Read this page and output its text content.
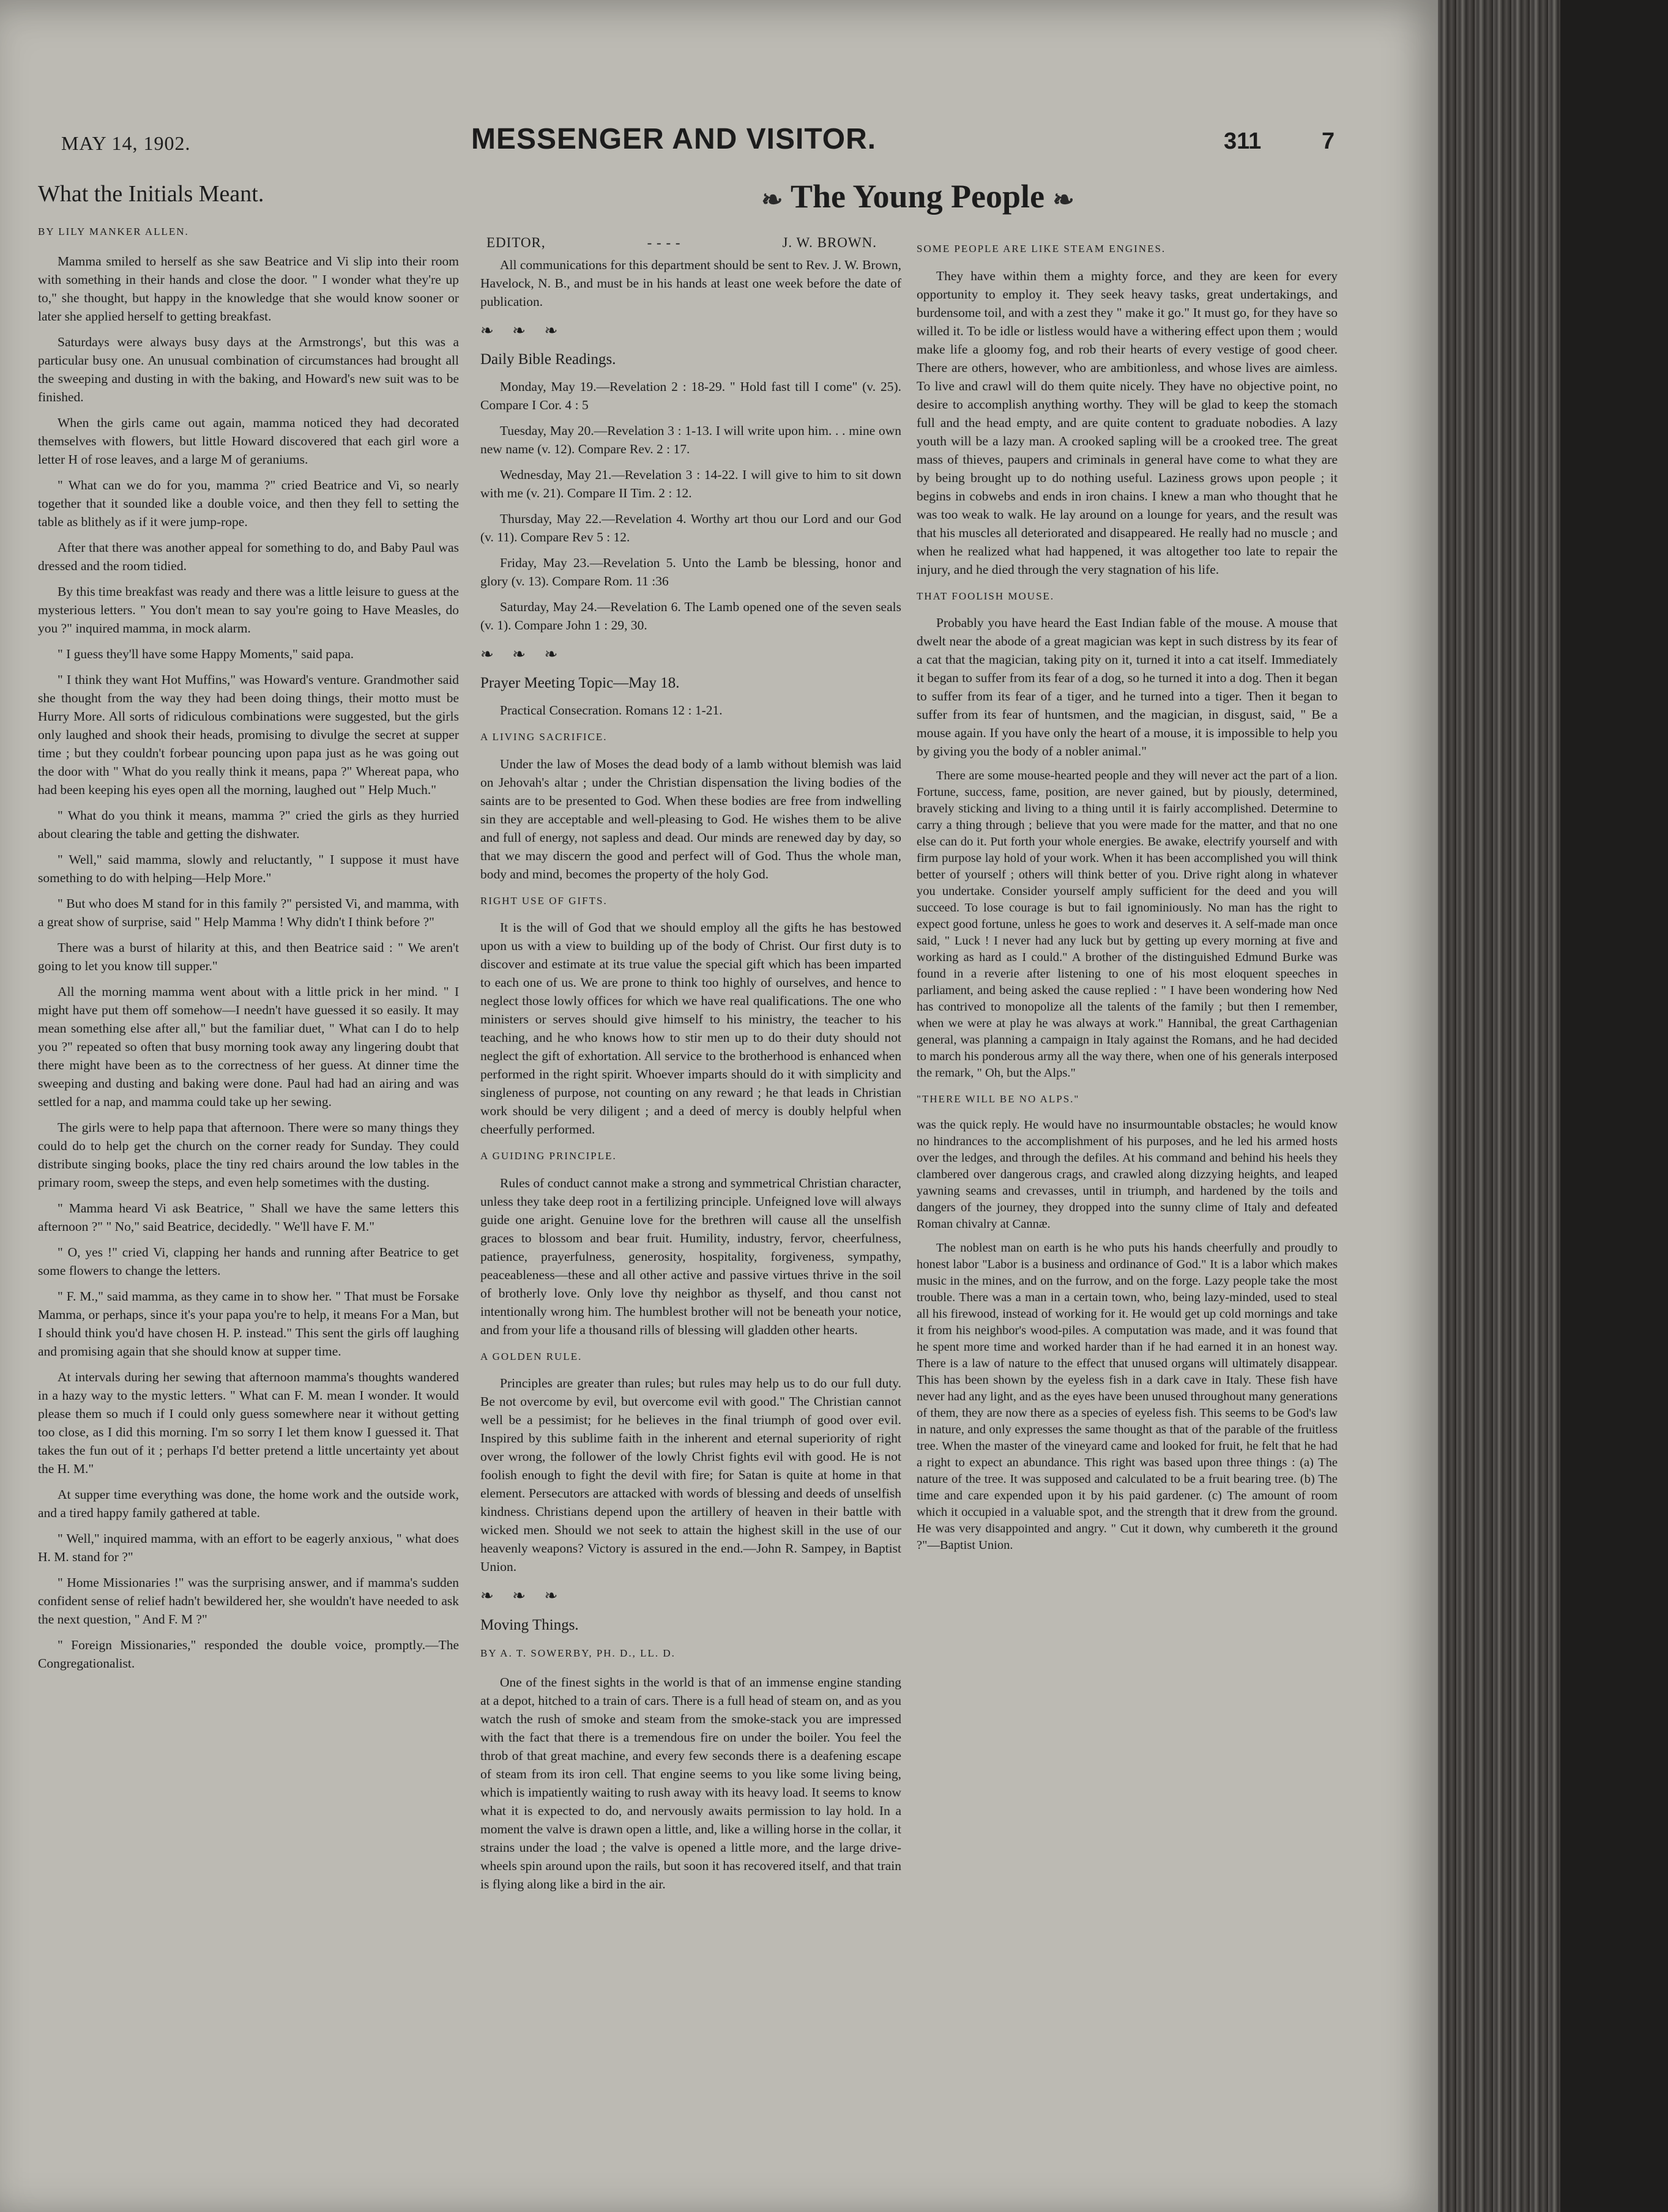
MAY 14, 1902.	MESSENGER AND VISITOR.	311	7
❧ The Young People ❧
What the Initials Meant.
BY LILY MANKER ALLEN.

Mamma smiled to herself as she saw Beatrice and Vi slip into their room with something in their hands and close the door. " I wonder what they're up to," she thought, but happy in the knowledge that she would know sooner or later she applied herself to getting breakfast.

Saturdays were always busy days at the Armstrongs', but this was a particular busy one. An unusual combination of circumstances had brought all the sweeping and dusting in with the baking, and Howard's new suit was to be finished.

When the girls came out again, mamma noticed they had decorated themselves with flowers, but little Howard discovered that each girl wore a letter H of rose leaves, and a large M of geraniums.

" What can we do for you, mamma ?" cried Beatrice and Vi, so nearly together that it sounded like a double voice, and then they fell to setting the table as blithely as if it were jump-rope.

After that there was another appeal for something to do, and Baby Paul was dressed and the room tidied.

By this time breakfast was ready and there was a little leisure to guess at the mysterious letters. " You don't mean to say you're going to Have Measles, do you ?" inquired mamma, in mock alarm.

" I guess they'll have some Happy Moments," said papa.

" I think they want Hot Muffins," was Howard's venture. Grandmother said she thought from the way they had been doing things, their motto must be Hurry More. All sorts of ridiculous combinations were suggested, but the girls only laughed and shook their heads, promising to divulge the secret at supper time ; but they couldn't forbear pouncing upon papa just as he was going out the door with " What do you really think it means, papa ?" Whereat papa, who had been keeping his eyes open all the morning, laughed out " Help Much."

" What do you think it means, mamma ?" cried the girls as they hurried about clearing the table and getting the dishwater.

" Well," said mamma, slowly and reluctantly, " I suppose it must have something to do with helping—Help More."

" But who does M stand for in this family ?" persisted Vi, and mamma, with a great show of surprise, said " Help Mamma ! Why didn't I think before ?"

There was a burst of hilarity at this, and then Beatrice said : " We aren't going to let you know till supper."

All the morning mamma went about with a little prick in her mind. " I might have put them off somehow—I needn't have guessed it so easily. It may mean something else after all," but the familiar duet, " What can I do to help you ?" repeated so often that busy morning took away any lingering doubt that there might have been as to the correctness of her guess. At dinner time the sweeping and dusting and baking were done. Paul had had an airing and was settled for a nap, and mamma could take up her sewing.

The girls were to help papa that afternoon. There were so many things they could do to help get the church on the corner ready for Sunday. They could distribute singing books, place the tiny red chairs around the low tables in the primary room, sweep the steps, and even help sometimes with the dusting.

" Mamma heard Vi ask Beatrice, " Shall we have the same letters this afternoon ?" " No," said Beatrice, decidedly. " We'll have F. M."

" O, yes !" cried Vi, clapping her hands and running after Beatrice to get some flowers to change the letters.

" F. M.," said mamma, as they came in to show her. " That must be Forsake Mamma, or perhaps, since it's your papa you're to help, it means For a Man, but I should think you'd have chosen H. P. instead." This sent the girls off laughing and promising again that she should know at supper time.

At intervals during her sewing that afternoon mamma's thoughts wandered in a hazy way to the mystic letters. " What can F. M. mean I wonder. It would please them so much if I could only guess somewhere near it without getting too close, as I did this morning. I'm so sorry I let them know I guessed it. That takes the fun out of it ; perhaps I'd better pretend a little uncertainty yet about the H. M."

At supper time everything was done, the home work and the outside work, and a tired happy family gathered at table.

" Well," inquired mamma, with an effort to be eagerly anxious, " what does H. M. stand for ?"

" Home Missionaries !" was the surprising answer, and if mamma's sudden confident sense of relief hadn't bewildered her, she wouldn't have needed to ask the next question, " And F. M ?"

" Foreign Missionaries," responded the double voice, promptly.—The Congregationalist.

EDITOR,	- - - -	J. W. BROWN.

All communications for this department should be sent to Rev. J. W. Brown, Havelock, N. B., and must be in his hands at least one week before the date of publication.

❧ ❧ ❧
Daily Bible Readings.

Monday, May 19.—Revelation 2 : 18-29. " Hold fast till I come" (v. 25). Compare I Cor. 4 : 5

Tuesday, May 20.—Revelation 3 : 1-13. I will write upon him. . . mine own new name (v. 12). Compare Rev. 2 : 17.

Wednesday, May 21.—Revelation 3 : 14-22. I will give to him to sit down with me (v. 21). Compare II Tim. 2 : 12.

Thursday, May 22.—Revelation 4. Worthy art thou our Lord and our God (v. 11). Compare Rev 5 : 12.

Friday, May 23.—Revelation 5. Unto the Lamb be blessing, honor and glory (v. 13). Compare Rom. 11 :36

Saturday, May 24.—Revelation 6. The Lamb opened one of the seven seals (v. 1). Compare John 1 : 29, 30.

❧ ❧ ❧
Prayer Meeting Topic—May 18.

Practical Consecration. Romans 12 : 1-21.

A LIVING SACRIFICE.

Under the law of Moses the dead body of a lamb without blemish was laid on Jehovah's altar ; under the Christian dispensation the living bodies of the saints are to be presented to God. When these bodies are free from indwelling sin they are acceptable and well-pleasing to God. He wishes them to be alive and full of energy, not sapless and dead. Our minds are renewed day by day, so that we may discern the good and perfect will of God. Thus the whole man, body and mind, becomes the property of the holy God.

RIGHT USE OF GIFTS.

It is the will of God that we should employ all the gifts he has bestowed upon us with a view to building up of the body of Christ. Our first duty is to discover and estimate at its true value the special gift which has been imparted to each one of us. We are prone to think too highly of ourselves, and hence to neglect those lowly offices for which we have real qualifications. The one who ministers or serves should give himself to his ministry, the teacher to his teaching, and he who knows how to stir men up to do their duty should not neglect the gift of exhortation. All service to the brotherhood is enhanced when performed in the right spirit. Whoever imparts should do it with simplicity and singleness of purpose, not counting on any reward ; he that leads in Christian work should be very diligent ; and a deed of mercy is doubly helpful when cheerfully performed.

A GUIDING PRINCIPLE.

Rules of conduct cannot make a strong and symmetrical Christian character, unless they take deep root in a fertilizing principle. Unfeigned love will always guide one aright. Genuine love for the brethren will cause all the unselfish graces to blossom and bear fruit. Humility, industry, fervor, cheerfulness, patience, prayerfulness, generosity, hospitality, forgiveness, sympathy, peaceableness—these and all other active and passive virtues thrive in the soil of brotherly love. Only love thy neighbor as thyself, and thou canst not intentionally wrong him. The humblest brother will not be beneath your notice, and from your life a thousand rills of blessing will gladden other hearts.

A GOLDEN RULE.

Principles are greater than rules; but rules may help us to do our full duty. Be not overcome by evil, but overcome evil with good." The Christian cannot well be a pessimist; for he believes in the final triumph of good over evil. Inspired by this sublime faith in the inherent and eternal superiority of right over wrong, the follower of the lowly Christ fights evil with good. He is not foolish enough to fight the devil with fire; for Satan is quite at home in that element. Persecutors are attacked with words of blessing and deeds of unselfish kindness. Christians depend upon the artillery of heaven in their battle with wicked men. Should we not seek to attain the highest skill in the use of our heavenly weapons? Victory is assured in the end.—John R. Sampey, in Baptist Union.

❧ ❧ ❧
Moving Things.
BY A. T. SOWERBY, PH. D., LL. D.

One of the finest sights in the world is that of an immense engine standing at a depot, hitched to a train of cars. There is a full head of steam on, and as you watch the rush of smoke and steam from the smoke-stack you are impressed with the fact that there is a tremendous fire on under the boiler. You feel the throb of that great machine, and every few seconds there is a deafening escape of steam from its iron cell. That engine seems to you like some living being, which is impatiently waiting to rush away with its heavy load. It seems to know what it is expected to do, and nervously awaits permission to lay hold. In a moment the valve is drawn open a little, and, like a willing horse in the collar, it strains under the load ; the valve is opened a little more, and the large drive-wheels spin around upon the rails, but soon it has recovered itself, and that train is flying along like a bird in the air.

SOME PEOPLE ARE LIKE STEAM ENGINES.

They have within them a mighty force, and they are keen for every opportunity to employ it. They seek heavy tasks, great undertakings, and burdensome toil, and with a zest they " make it go." It must go, for they have so willed it. To be idle or listless would have a withering effect upon them ; would make life a gloomy fog, and rob their hearts of every vestige of good cheer. There are others, however, who are ambitionless, and whose lives are aimless. To live and crawl will do them quite nicely. They have no objective point, no desire to accomplish anything worthy. They will be glad to keep the stomach full and the head empty, and are quite content to graduate nobodies. A lazy youth will be a lazy man. A crooked sapling will be a crooked tree. The great mass of thieves, paupers and criminals in general have come to what they are by being brought up to do nothing useful. Laziness grows upon people ; it begins in cobwebs and ends in iron chains. I knew a man who thought that he was too weak to walk. He lay around on a lounge for years, and the result was that his muscles all deteriorated and disappeared. He really had no muscle ; and when he realized what had happened, it was altogether too late to repair the injury, and he died through the very stagnation of his life.

THAT FOOLISH MOUSE.

Probably you have heard the East Indian fable of the mouse. A mouse that dwelt near the abode of a great magician was kept in such distress by its fear of a cat that the magician, taking pity on it, turned it into a cat itself. Immediately it began to suffer from its fear of a dog, so he turned it into a dog. Then it began to suffer from its fear of a tiger, and he turned into a tiger. Then it began to suffer from its fear of huntsmen, and the magician, in disgust, said, " Be a mouse again. If you have only the heart of a mouse, it is impossible to help you by giving you the body of a nobler animal."

There are some mouse-hearted people and they will never act the part of a lion. Fortune, success, fame, position, are never gained, but by piously, determined, bravely sticking and living to a thing until it is fairly accomplished. Determine to carry a thing through ; believe that you were made for the matter, and that no one else can do it. Put forth your whole energies. Be awake, electrify yourself and with firm purpose lay hold of your work. When it has been accomplished you will think better of yourself ; others will think better of you. Drive right along in whatever you undertake. Consider yourself amply sufficient for the deed and you will succeed. To lose courage is but to fail ignominiously. No man has the right to expect good fortune, unless he goes to work and deserves it. A self-made man once said, " Luck ! I never had any luck but by getting up every morning at five and working as hard as I could." A brother of the distinguished Edmund Burke was found in a reverie after listening to one of his most eloquent speeches in parliament, and being asked the cause replied : " I have been wondering how Ned has contrived to monopolize all the talents of the family ; but then I remember, when we were at play he was always at work." Hannibal, the great Carthagenian general, was planning a campaign in Italy against the Romans, and he had decided to march his ponderous army all the way there, when one of his generals interposed the remark, " Oh, but the Alps."

"THERE WILL BE NO ALPS."

was the quick reply. He would have no insurmountable obstacles; he would know no hindrances to the accomplishment of his purposes, and he led his armed hosts over the ledges, and through the defiles. At his command and behind his heels they clambered over dangerous crags, and crawled along dizzying heights, and leaped yawning seams and crevasses, until in triumph, and hardened by the toils and dangers of the journey, they dropped into the sunny clime of Italy and defeated Roman chivalry at Cannæ.

The noblest man on earth is he who puts his hands cheerfully and proudly to honest labor "Labor is a business and ordinance of God." It is a labor which makes music in the mines, and on the furrow, and on the forge. Lazy people take the most trouble. There was a man in a certain town, who, being lazy-minded, used to steal all his firewood, instead of working for it. He would get up cold mornings and take it from his neighbor's wood-piles. A computation was made, and it was found that he spent more time and worked harder than if he had earned it in an honest way. There is a law of nature to the effect that unused organs will ultimately disappear. This has been shown by the eyeless fish in a dark cave in Italy. These fish have never had any light, and as the eyes have been unused throughout many generations of them, they are now there as a species of eyeless fish. This seems to be God's law in nature, and only expresses the same thought as that of the parable of the fruitless tree. When the master of the vineyard came and looked for fruit, he felt that he had a right to expect an abundance. This right was based upon three things : (a) The nature of the tree. It was supposed and calculated to be a fruit bearing tree. (b) The time and care expended upon it by his paid gardener. (c) The amount of room which it occupied in a valuable spot, and the strength that it drew from the ground. He was very disappointed and angry. " Cut it down, why cumbereth it the ground ?"—Baptist Union.
